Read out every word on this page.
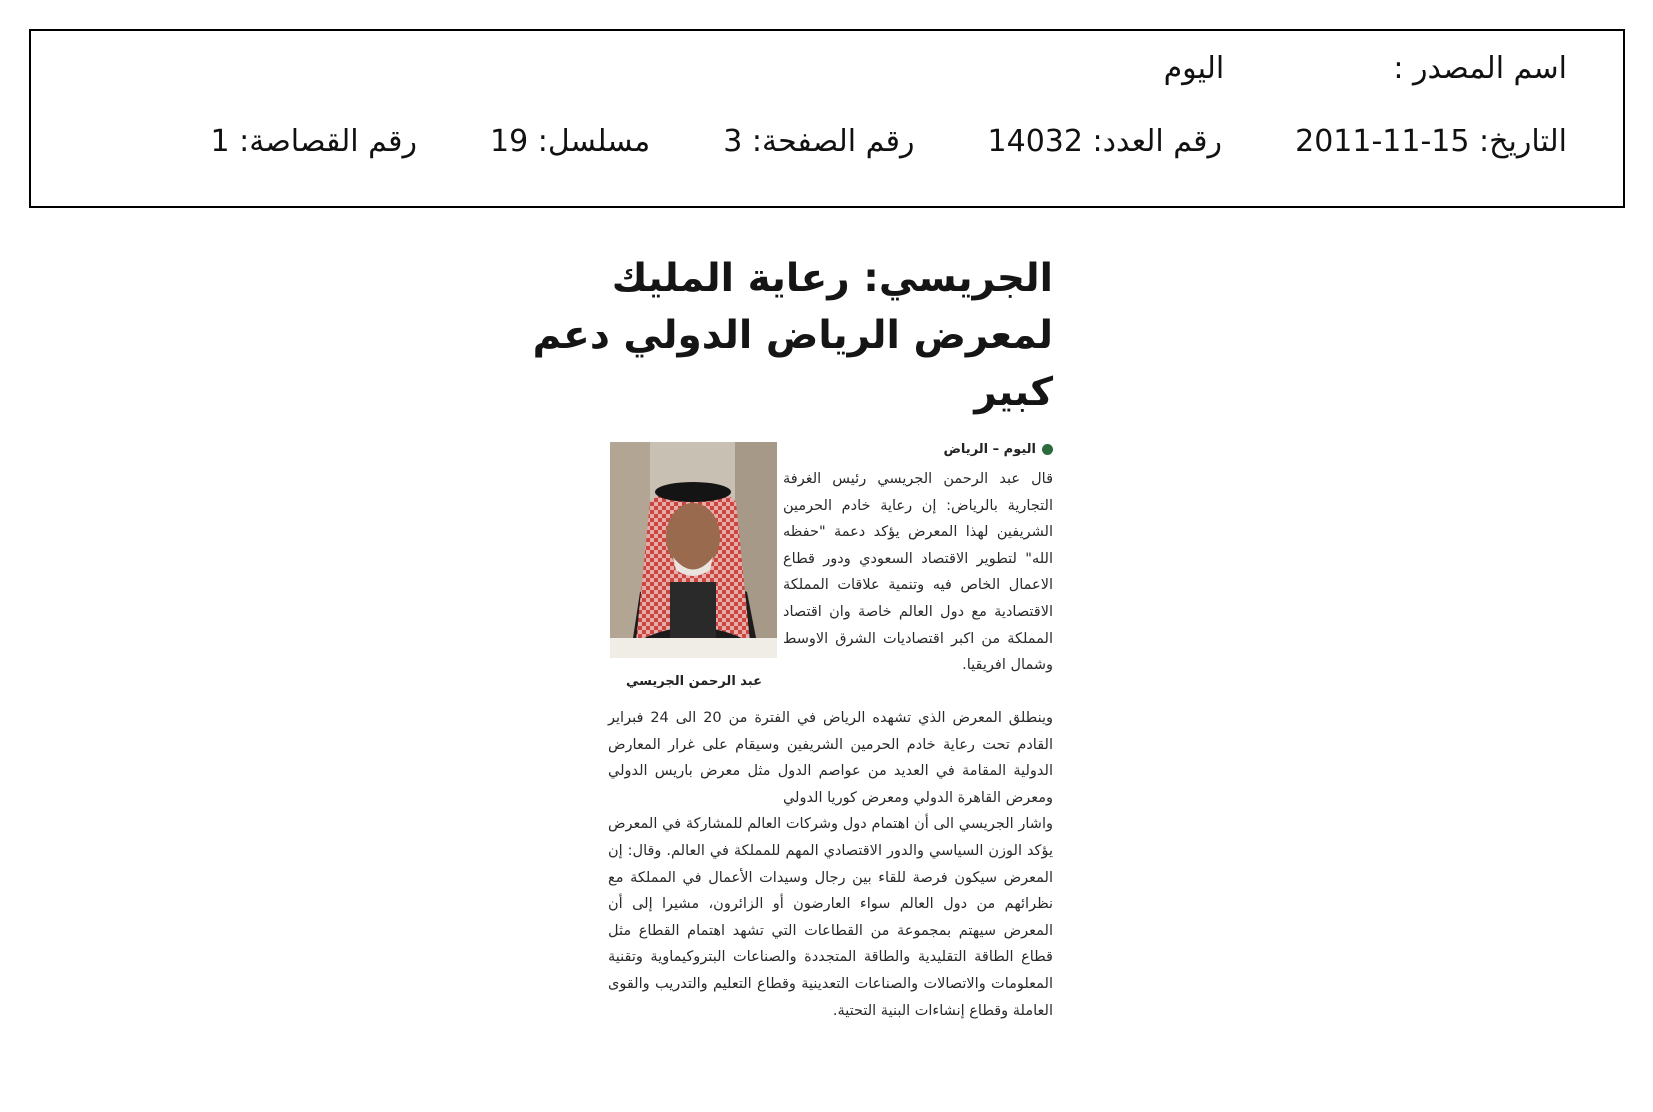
اسم المصدر :  اليوم
التاريخ: 2011-11-15  رقم العدد: 14032  رقم الصفحة: 3  مسلسل: 19  رقم القصاصة: 1
الجريسي: رعاية المليك
لمعرض الرياض الدولي دعم
كبير
عبد الرحمن الجريسي
اليوم – الرياض

قال عبد الرحمن الجريسي رئيس الغرفة التجارية بالرياض: إن رعاية خادم الحرمين الشريفين لهذا المعرض يؤكد دعمة "حفظه الله" لتطوير الاقتصاد السعودي ودور قطاع الاعمال الخاص فيه وتنمية علاقات المملكة الاقتصادية مع دول العالم خاصة وان اقتصاد المملكة من اكبر اقتصاديات الشرق الاوسط وشمال افريقيا.

وينطلق المعرض الذي تشهده الرياض في الفترة من 20 الى 24 فبراير القادم تحت رعاية خادم الحرمين الشريفين وسيقام على غرار المعارض الدولية المقامة في العديد من عواصم الدول مثل معرض باريس الدولي ومعرض القاهرة الدولي ومعرض كوريا الدولي

واشار الجريسي الى أن اهتمام دول وشركات العالم للمشاركة في المعرض يؤكد الوزن السياسي والدور الاقتصادي المهم للمملكة في العالم. وقال: إن المعرض سيكون فرصة للقاء بين رجال وسيدات الأعمال في المملكة مع نظرائهم من دول العالم سواء العارضون أو الزائرون، مشيرا إلى أن المعرض سيهتم بمجموعة من القطاعات التي تشهد اهتمام القطاع مثل قطاع الطاقة التقليدية والطاقة المتجددة والصناعات البتروكيماوية وتقنية المعلومات والاتصالات والصناعات التعدينية وقطاع التعليم والتدريب والقوى العاملة وقطاع إنشاءات البنية التحتية.
